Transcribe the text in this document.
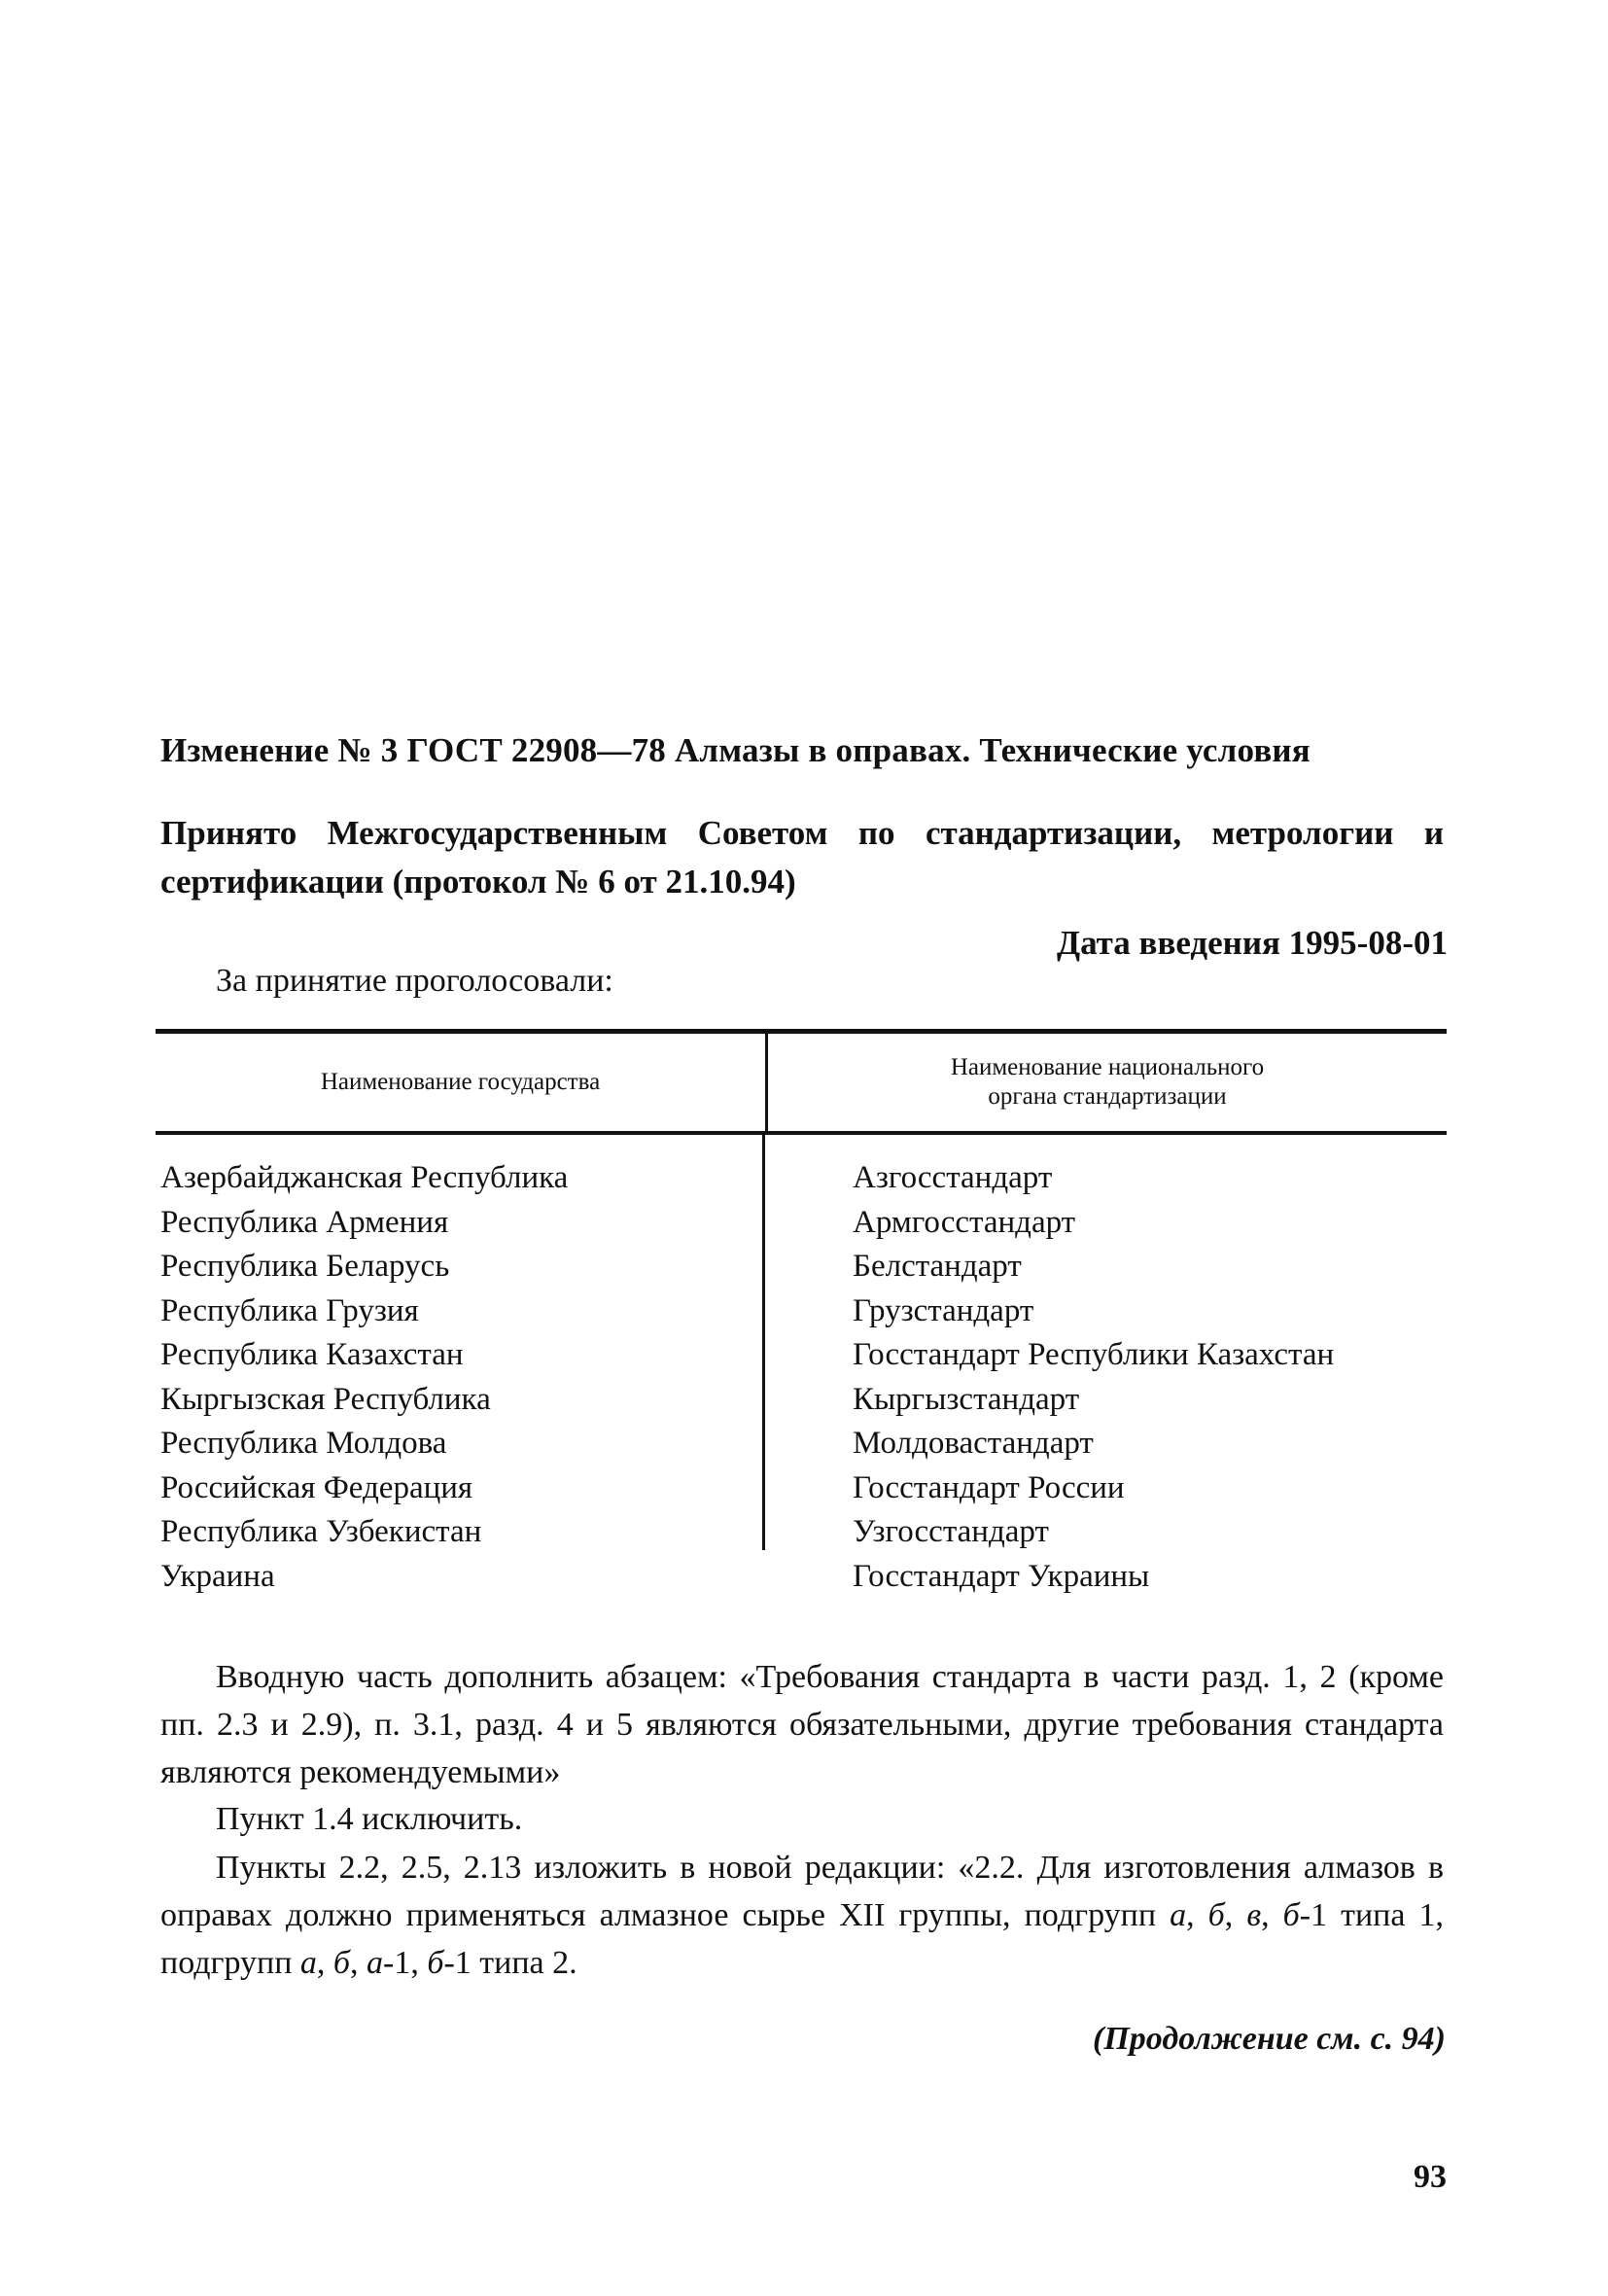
Изменение № 3 ГОСТ 22908—78 Алмазы в оправах. Технические условия
Принято Межгосударственным Советом по стандартизации, метрологии и сертификации (протокол № 6 от 21.10.94)
Дата введения 1995-08-01
За принятие проголосовали:
Наименование государства
Наименование национального
органа стандартизации
Азербайджанская Республика
Республика Армения
Республика Беларусь
Республика Грузия
Республика Казахстан
Кыргызская Республика
Республика Молдова
Российская Федерация
Республика Узбекистан
Украина
Азгосстандарт
Армгосстандарт
Белстандарт
Грузстандарт
Госстандарт Республики Казахстан
Кыргызстандарт
Молдовастандарт
Госстандарт России
Узгосстандарт
Госстандарт Украины
Вводную часть дополнить абзацем: «Требования стандарта в части разд. 1, 2 (кроме пп. 2.3 и 2.9), п. 3.1, разд. 4 и 5 являются обязательными, другие требования стандарта являются рекомендуемыми»
Пункт 1.4 исключить.
Пункты 2.2, 2.5, 2.13 изложить в новой редакции: «2.2. Для изготовления алмазов в оправах должно применяться алмазное сырье XII группы, подгрупп а, б, в, б-1 типа 1, подгрупп а, б, а-1, б-1 типа 2.
(Продолжение см. с. 94)
93
